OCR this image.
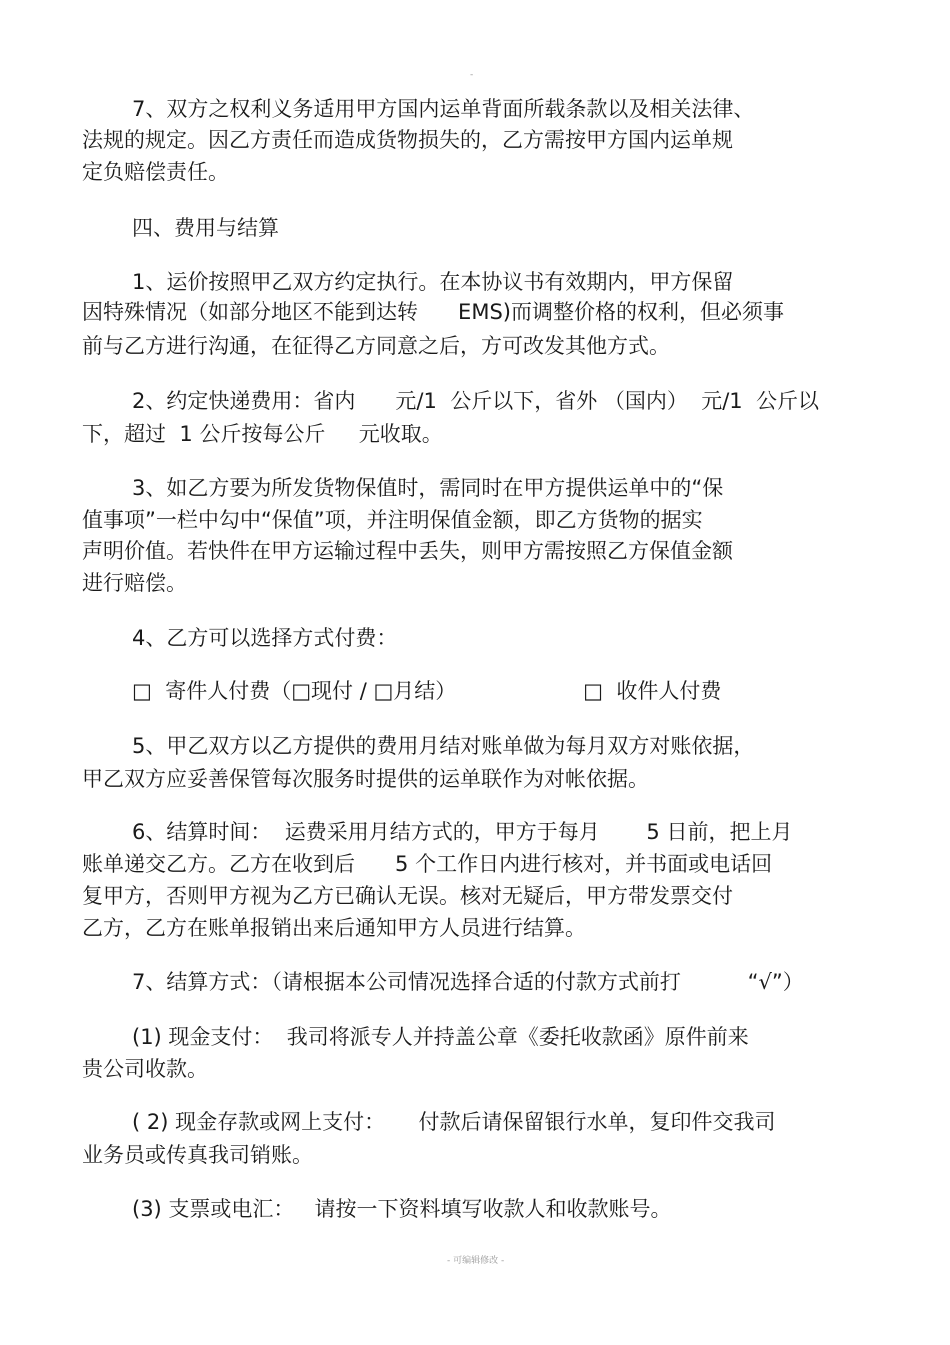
-
7、双方之权利义务适用甲方国内运单背面所载条款以及相关法律、
法规的规定。因乙方责任而造成货物损失的，乙方需按甲方国内运单规
定负赔偿责任。
四、费用与结算
1、运价按照甲乙双方约定执行。在本协议书有效期内，甲方保留
因特殊情况（如部分地区不能到达转      EMS)而调整价格的权利，但必须事
前与乙方进行沟通，在征得乙方同意之后，方可改发其他方式。
2、约定快递费用：省内      元/1  公斤以下，省外 （国内）  元/1  公斤以
下，超过  1 公斤按每公斤     元收取。
3、如乙方要为所发货物保值时，需同时在甲方提供运单中的“保
值事项”一栏中勾中“保值”项，并注明保值金额，即乙方货物的据实
声明价值。若快件在甲方运输过程中丢失，则甲方需按照乙方保值金额
进行赔偿。
4、乙方可以选择方式付费：
□  寄件人付费（□现付 / □月结）                   □  收件人付费
5、甲乙双方以乙方提供的费用月结对账单做为每月双方对账依据，
甲乙双方应妥善保管每次服务时提供的运单联作为对帐依据。
6、结算时间：  运费采用月结方式的，甲方于每月       5 日前，把上月
账单递交乙方。乙方在收到后      5 个工作日内进行核对，并书面或电话回
复甲方，否则甲方视为乙方已确认无误。核对无疑后，甲方带发票交付
乙方，乙方在账单报销出来后通知甲方人员进行结算。
7、结算方式：（请根据本公司情况选择合适的付款方式前打          “√”）
(1) 现金支付：  我司将派专人并持盖公章《委托收款函》原件前来
贵公司收款。
( 2) 现金存款或网上支付：     付款后请保留银行水单，复印件交我司
业务员或传真我司销账。
(3) 支票或电汇：   请按一下资料填写收款人和收款账号。
- 可编辑修改 -
